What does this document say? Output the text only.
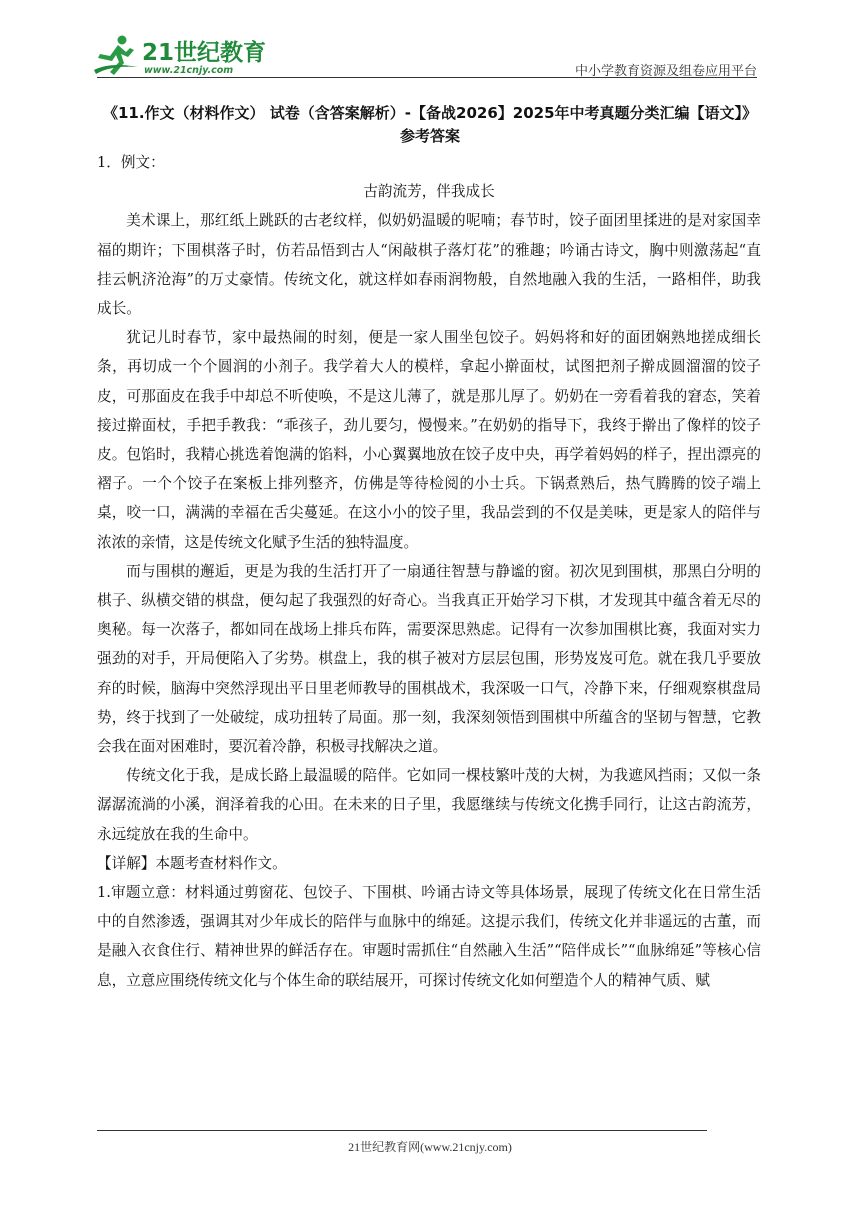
21世纪教育
www.21cnjy.com	中小学教育资源及组卷应用平台
《11.作文（材料作文） 试卷（含答案解析）-【备战2026】2025年中考真题分类汇编【语文】》
参考答案

1．例文：

古韵流芳，伴我成长

美术课上，那红纸上跳跃的古老纹样，似奶奶温暖的呢喃；春节时，饺子面团里揉进的是对家国幸福的期许；下围棋落子时，仿若品悟到古人“闲敲棋子落灯花”的雅趣；吟诵古诗文，胸中则激荡起“直挂云帆济沧海”的万丈豪情。传统文化，就这样如春雨润物般，自然地融入我的生活，一路相伴，助我成长。

犹记儿时春节，家中最热闹的时刻，便是一家人围坐包饺子。妈妈将和好的面团娴熟地搓成细长条，再切成一个个圆润的小剂子。我学着大人的模样，拿起小擀面杖，试图把剂子擀成圆溜溜的饺子皮，可那面皮在我手中却总不听使唤，不是这儿薄了，就是那儿厚了。奶奶在一旁看着我的窘态，笑着接过擀面杖，手把手教我：“乖孩子，劲儿要匀，慢慢来。”在奶奶的指导下，我终于擀出了像样的饺子皮。包馅时，我精心挑选着饱满的馅料，小心翼翼地放在饺子皮中央，再学着妈妈的样子，捏出漂亮的褶子。一个个饺子在案板上排列整齐，仿佛是等待检阅的小士兵。下锅煮熟后，热气腾腾的饺子端上桌，咬一口，满满的幸福在舌尖蔓延。在这小小的饺子里，我品尝到的不仅是美味，更是家人的陪伴与浓浓的亲情，这是传统文化赋予生活的独特温度。

而与围棋的邂逅，更是为我的生活打开了一扇通往智慧与静谧的窗。初次见到围棋，那黑白分明的棋子、纵横交错的棋盘，便勾起了我强烈的好奇心。当我真正开始学习下棋，才发现其中蕴含着无尽的奥秘。每一次落子，都如同在战场上排兵布阵，需要深思熟虑。记得有一次参加围棋比赛，我面对实力强劲的对手，开局便陷入了劣势。棋盘上，我的棋子被对方层层包围，形势岌岌可危。就在我几乎要放弃的时候，脑海中突然浮现出平日里老师教导的围棋战术，我深吸一口气，冷静下来，仔细观察棋盘局势，终于找到了一处破绽，成功扭转了局面。那一刻，我深刻领悟到围棋中所蕴含的坚韧与智慧，它教会我在面对困难时，要沉着冷静，积极寻找解决之道。

传统文化于我，是成长路上最温暖的陪伴。它如同一棵枝繁叶茂的大树，为我遮风挡雨；又似一条潺潺流淌的小溪，润泽着我的心田。在未来的日子里，我愿继续与传统文化携手同行，让这古韵流芳，永远绽放在我的生命中。

【详解】本题考查材料作文。

1.审题立意：材料通过剪窗花、包饺子、下围棋、吟诵古诗文等具体场景，展现了传统文化在日常生活中的自然渗透，强调其对少年成长的陪伴与血脉中的绵延。这提示我们，传统文化并非遥远的古董，而是融入衣食住行、精神世界的鲜活存在。审题时需抓住“自然融入生活”“陪伴成长”“血脉绵延”等核心信息，立意应围绕传统文化与个体生命的联结展开，可探讨传统文化如何塑造个人的精神气质、赋

21世纪教育网(www.21cnjy.com)
